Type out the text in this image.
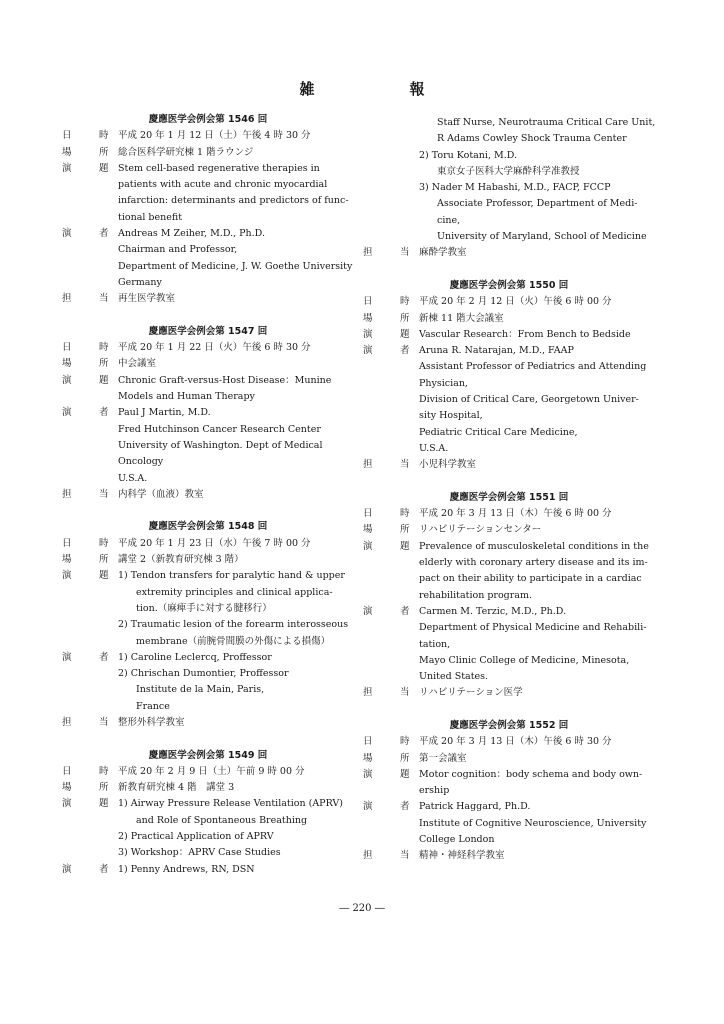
雑　報
慶應医学会例会第 1546 回
日　時平成 20 年 1 月 12 日（土）午後 4 時 30 分
場　所総合医科学研究棟 1 階ラウンジ
演　題Stem cell-based regenerative therapies in
patients with acute and chronic myocardial
infarction: determinants and predictors of func-
tional benefit
演　者Andreas M Zeiher, M.D., Ph.D.
Chairman and Professor,
Department of Medicine, J. W. Goethe University
Germany
担　当再生医学教室
慶應医学会例会第 1547 回
日　時平成 20 年 1 月 22 日（火）午後 6 時 30 分
場　所中会議室
演　題Chronic Graft-versus-Host Disease：Munine
Models and Human Therapy
演　者Paul J Martin, M.D.
Fred Hutchinson Cancer Research Center
University of Washington. Dept of Medical
Oncology
U.S.A.
担　当内科学（血液）教室
慶應医学会例会第 1548 回
日　時平成 20 年 1 月 23 日（水）午後 7 時 00 分
場　所講堂 2（新教育研究棟 3 階）
演　題1) Tendon transfers for paralytic hand & upper
extremity principles and clinical applica-
tion.（麻痺手に対する腱移行）
2) Traumatic lesion of the forearm interosseous
membrane（前腕骨間膜の外傷による損傷）
演　者1) Caroline Leclercq, Proffessor
2) Chrischan Dumontier, Proffessor
Institute de la Main, Paris,
France
担　当整形外科学教室
慶應医学会例会第 1549 回
日　時平成 20 年 2 月 9 日（土）午前 9 時 00 分
場　所新教育研究棟 4 階　講堂 3
演　題1) Airway Pressure Release Ventilation (APRV)
and Role of Spontaneous Breathing
2) Practical Application of APRV
3) Workshop：APRV Case Studies
演　者1) Penny Andrews, RN, DSN
Staff Nurse, Neurotrauma Critical Care Unit,
R Adams Cowley Shock Trauma Center
2) Toru Kotani, M.D.
東京女子医科大学麻酔科学准教授
3) Nader M Habashi, M.D., FACP, FCCP
Associate Professor, Department of Medi-
cine,
University of Maryland, School of Medicine
担　当麻酔学教室
慶應医学会例会第 1550 回
日　時平成 20 年 2 月 12 日（火）午後 6 時 00 分
場　所新棟 11 階大会議室
演　題Vascular Research：From Bench to Bedside
演　者Aruna R. Natarajan, M.D., FAAP
Assistant Professor of Pediatrics and Attending
Physician,
Division of Critical Care, Georgetown Univer-
sity Hospital,
Pediatric Critical Care Medicine,
U.S.A.
担　当小児科学教室
慶應医学会例会第 1551 回
日　時平成 20 年 3 月 13 日（木）午後 6 時 00 分
場　所リハビリテーションセンター
演　題Prevalence of musculoskeletal conditions in the
elderly with coronary artery disease and its im-
pact on their ability to participate in a cardiac
rehabilitation program.
演　者Carmen M. Terzic, M.D., Ph.D.
Department of Physical Medicine and Rehabili-
tation,
Mayo Clinic College of Medicine, Minesota,
United States.
担　当リハビリテーション医学
慶應医学会例会第 1552 回
日　時平成 20 年 3 月 13 日（木）午後 6 時 30 分
場　所第一会議室
演　題Motor cognition：body schema and body own-
ership
演　者Patrick Haggard, Ph.D.
Institute of Cognitive Neuroscience, University
College London
担　当精神・神経科学教室
― 220 ―
